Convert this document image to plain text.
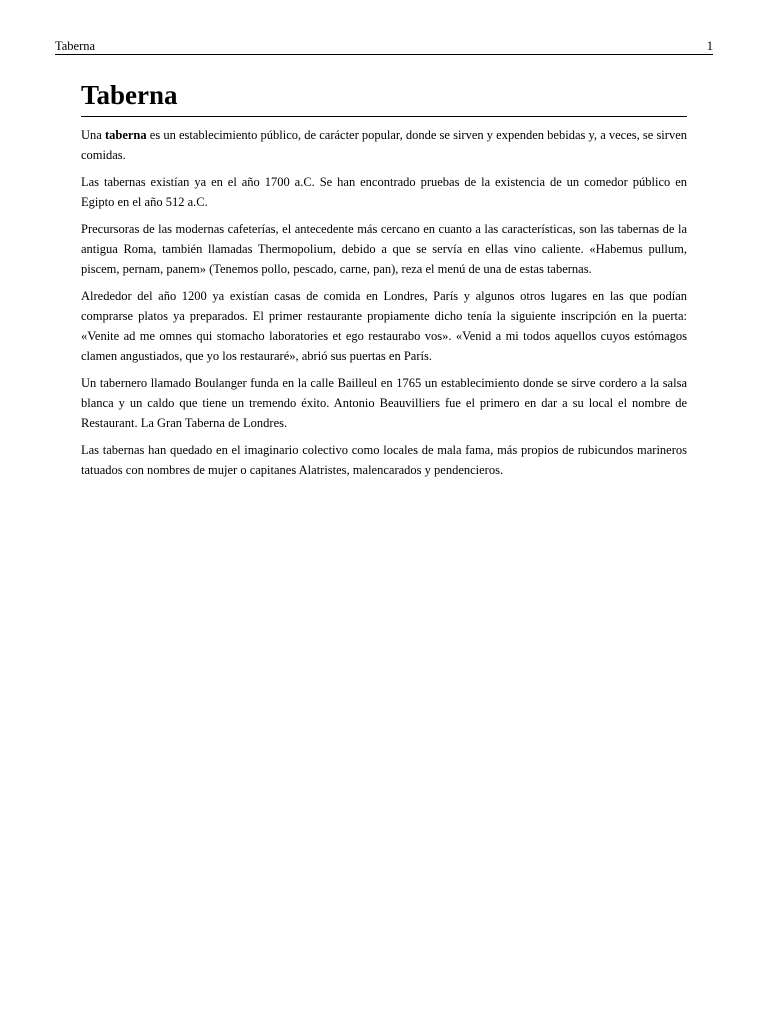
Taberna	1
Taberna

Una taberna es un establecimiento público, de carácter popular, donde se sirven y expenden bebidas y, a veces, se sirven comidas.

Las tabernas existían ya en el año 1700 a.C. Se han encontrado pruebas de la existencia de un comedor público en Egipto en el año 512 a.C.

Precursoras de las modernas cafeterías, el antecedente más cercano en cuanto a las características, son las tabernas de la antigua Roma, también llamadas Thermopolium, debido a que se servía en ellas vino caliente. «Habemus pullum, piscem, pernam, panem» (Tenemos pollo, pescado, carne, pan), reza el menú de una de estas tabernas.

Alrededor del año 1200 ya existían casas de comida en Londres, París y algunos otros lugares en las que podían comprarse platos ya preparados. El primer restaurante propiamente dicho tenía la siguiente inscripción en la puerta: «Venite ad me omnes qui stomacho laboratories et ego restaurabo vos». «Venid a mi todos aquellos cuyos estómagos clamen angustiados, que yo los restauraré», abrió sus puertas en París.

Un tabernero llamado Boulanger funda en la calle Bailleul en 1765 un establecimiento donde se sirve cordero a la salsa blanca y un caldo que tiene un tremendo éxito. Antonio Beauvilliers fue el primero en dar a su local el nombre de Restaurant. La Gran Taberna de Londres.

Las tabernas han quedado en el imaginario colectivo como locales de mala fama, más propios de rubicundos marineros tatuados con nombres de mujer o capitanes Alatristes, malencarados y pendencieros.
